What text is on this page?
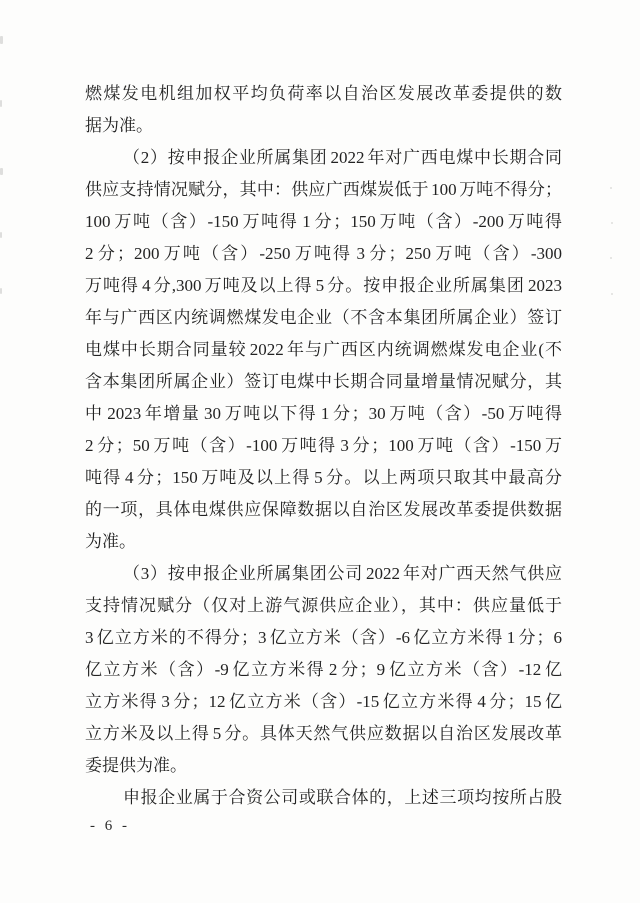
燃煤发电机组加权平均负荷率以自治区发展改革委提供的数
据为准。
（2）按申报企业所属集团 2022 年对广西电煤中长期合同
供应支持情况赋分，其中：供应广西煤炭低于 100 万吨不得分；
100 万吨（含）-150 万吨得 1 分；150 万吨（含）-200 万吨得
2 分；200 万吨（含）-250 万吨得 3 分；250 万吨（含）-300
万吨得 4 分,300 万吨及以上得 5 分。按申报企业所属集团 2023
年与广西区内统调燃煤发电企业（不含本集团所属企业）签订
电煤中长期合同量较 2022 年与广西区内统调燃煤发电企业(不
含本集团所属企业）签订电煤中长期合同量增量情况赋分，其
中 2023 年增量 30 万吨以下得 1 分；30 万吨（含）-50 万吨得
2 分；50 万吨（含）-100 万吨得 3 分；100 万吨（含）-150 万
吨得 4 分；150 万吨及以上得 5 分。以上两项只取其中最高分
的一项，具体电煤供应保障数据以自治区发展改革委提供数据
为准。
（3）按申报企业所属集团公司 2022 年对广西天然气供应
支持情况赋分（仅对上游气源供应企业），其中：供应量低于
3 亿立方米的不得分；3 亿立方米（含）-6 亿立方米得 1 分；6
亿立方米（含）-9 亿立方米得 2 分；9 亿立方米（含）-12 亿
立方米得 3 分；12 亿立方米（含）-15 亿立方米得 4 分；15 亿
立方米及以上得 5 分。具体天然气供应数据以自治区发展改革
委提供为准。
申报企业属于合资公司或联合体的，上述三项均按所占股
- 6 -
